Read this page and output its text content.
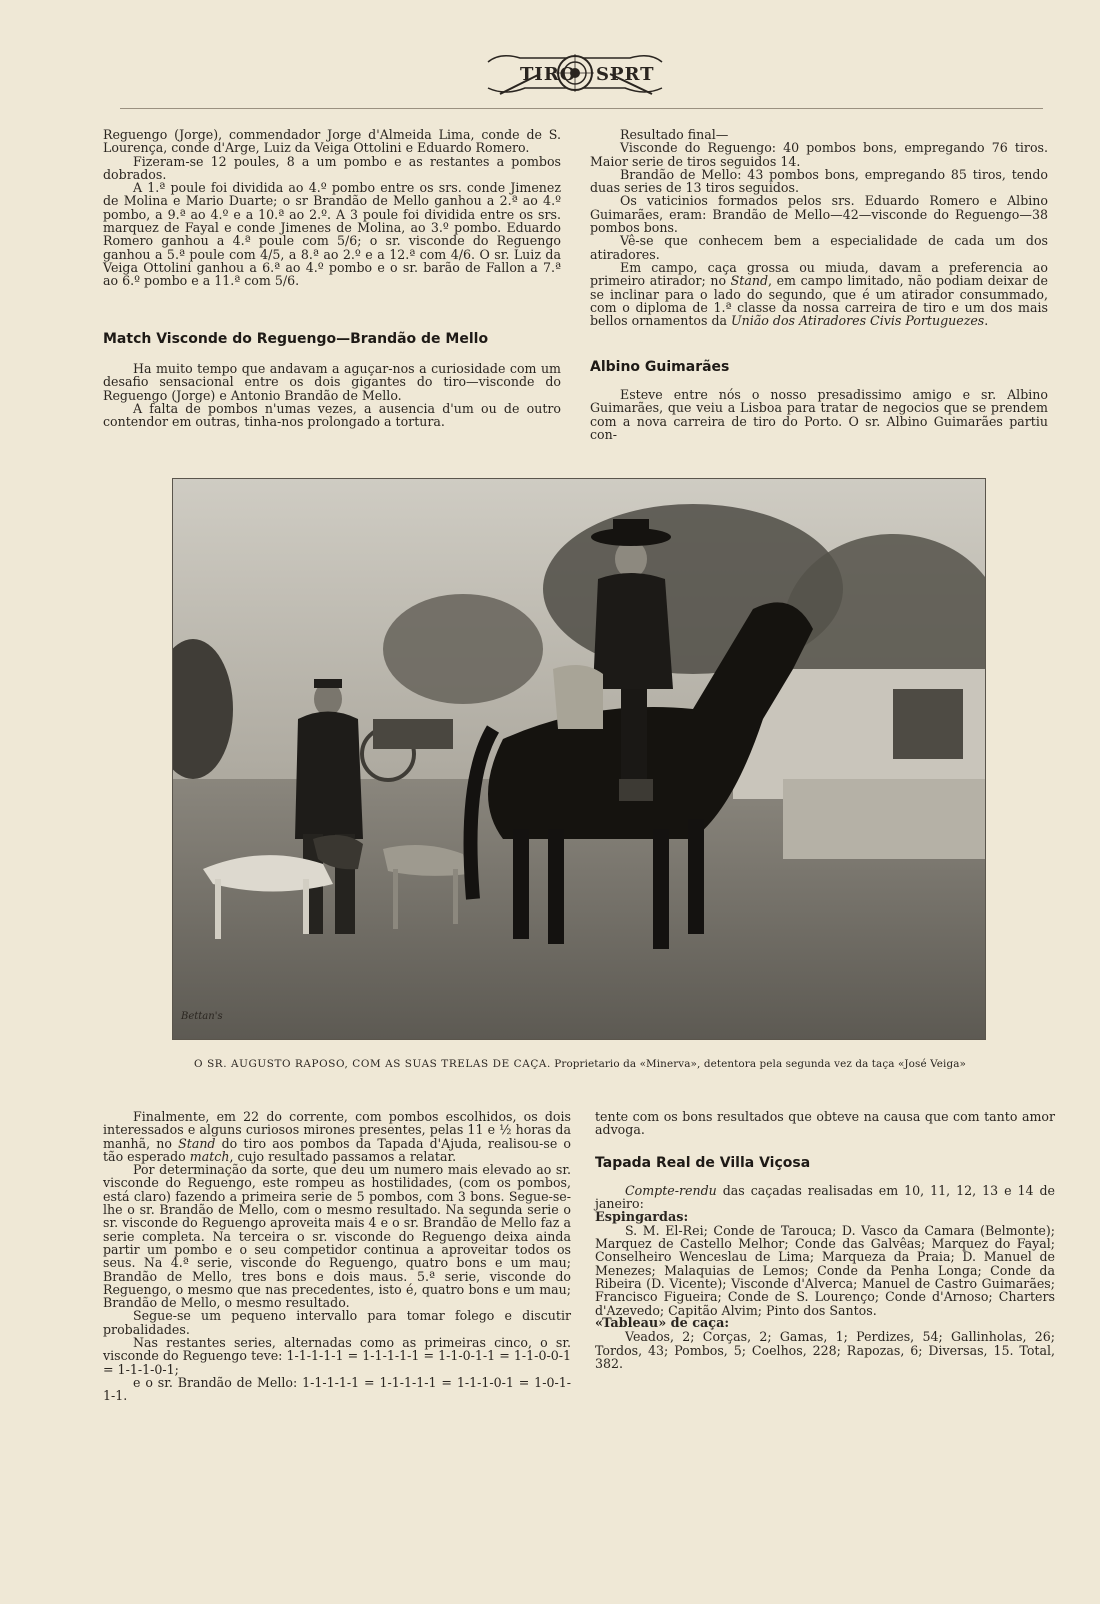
TIRO SPRT

Reguengo (Jorge), commendador Jorge d'Almeida Lima, conde de S. Lourença, conde d'Arge, Luiz da Veiga Ottolini e Eduardo Romero.

Fizeram-se 12 poules, 8 a um pombo e as restantes a pombos dobrados.

A 1.ª poule foi dividida ao 4.º pombo entre os srs. conde Jimenez de Molina e Mario Duarte; o sr Brandão de Mello ganhou a 2.ª ao 4.º pombo, a 9.ª ao 4.º e a 10.ª ao 2.º. A 3 poule foi dividida entre os srs. marquez de Fayal e conde Jimenes de Molina, ao 3.º pombo. Eduardo Romero ganhou a 4.ª poule com 5/6; o sr. visconde do Reguengo ganhou a 5.ª poule com 4/5, a 8.ª ao 2.º e a 12.ª com 4/6. O sr. Luiz da Veiga Ottolini ganhou a 6.ª ao 4.º pombo e o sr. barão de Fallon a 7.ª ao 6.º pombo e a 11.ª com 5/6.

Match Visconde do Reguengo—Brandão de Mello

Ha muito tempo que andavam a aguçar-nos a curiosidade com um desafio sensacional entre os dois gigantes do tiro—visconde do Reguengo (Jorge) e Antonio Brandão de Mello.

A falta de pombos n'umas vezes, a ausencia d'um ou de outro contendor em outras, tinha-nos prolongado a tortura.

Resultado final—

Visconde do Reguengo: 40 pombos bons, empregando 76 tiros. Maior serie de tiros seguidos 14.

Brandão de Mello: 43 pombos bons, empregando 85 tiros, tendo duas series de 13 tiros seguidos.

Os vaticinios formados pelos srs. Eduardo Romero e Albino Guimarães, eram: Brandão de Mello—42—visconde do Reguengo—38 pombos bons.

Vê-se que conhecem bem a especialidade de cada um dos atiradores.

Em campo, caça grossa ou miuda, davam a preferencia ao primeiro atirador; no Stand, em campo limitado, não podiam deixar de se inclinar para o lado do segundo, que é um atirador consummado, com o diploma de 1.ª classe da nossa carreira de tiro e um dos mais bellos ornamentos da União dos Atiradores Civis Portuguezes.

Albino Guimarães

Esteve entre nós o nosso presadissimo amigo e sr. Albino Guimarães, que veiu a Lisboa para tratar de negocios que se prendem com a nova carreira de tiro do Porto. O sr. Albino Guimarães partiu con-

Bettan's
O SR. AUGUSTO RAPOSO, COM AS SUAS TRELAS DE CAÇA. Proprietario da «Minerva», detentora pela segunda vez da taça «José Veiga»

Finalmente, em 22 do corrente, com pombos escolhidos, os dois interessados e alguns curiosos mirones presentes, pelas 11 e ½ horas da manhã, no Stand do tiro aos pombos da Tapada d'Ajuda, realisou-se o tão esperado match, cujo resultado passamos a relatar.

Por determinação da sorte, que deu um numero mais elevado ao sr. visconde do Reguengo, este rompeu as hostilidades, (com os pombos, está claro) fazendo a primeira serie de 5 pombos, com 3 bons. Segue-se-lhe o sr. Brandão de Mello, com o mesmo resultado. Na segunda serie o sr. visconde do Reguengo aproveita mais 4 e o sr. Brandão de Mello faz a serie completa. Na terceira o sr. visconde do Reguengo deixa ainda partir um pombo e o seu competidor continua a aproveitar todos os seus. Na 4.ª serie, visconde do Reguengo, quatro bons e um mau; Brandão de Mello, tres bons e dois maus. 5.ª serie, visconde do Reguengo, o mesmo que nas precedentes, isto é, quatro bons e um mau; Brandão de Mello, o mesmo resultado.

Segue-se um pequeno intervallo para tomar folego e discutir probalidades.

Nas restantes series, alternadas como as primeiras cinco, o sr. visconde do Reguengo teve: 1-1-1-1-1 = 1-1-1-1-1 = 1-1-0-1-1 = 1-1-0-0-1 = 1-1-1-0-1;

e o sr. Brandão de Mello: 1-1-1-1-1 = 1-1-1-1-1 = 1-1-1-0-1 = 1-0-1-1-1.

tente com os bons resultados que obteve na causa que com tanto amor advoga.

Tapada Real de Villa Viçosa

Compte-rendu das caçadas realisadas em 10, 11, 12, 13 e 14 de janeiro:

Espingardas:

S. M. El-Rei; Conde de Tarouca; D. Vasco da Camara (Belmonte); Marquez de Castello Melhor; Conde das Galvêas; Marquez do Fayal; Conselheiro Wenceslau de Lima; Marqueza da Praia; D. Manuel de Menezes; Malaquias de Lemos; Conde da Penha Longa; Conde da Ribeira (D. Vicente); Visconde d'Alverca; Manuel de Castro Guimarães; Francisco Figueira; Conde de S. Lourenço; Conde d'Arnoso; Charters d'Azevedo; Capitão Alvim; Pinto dos Santos.

«Tableau» de caça:

Veados, 2; Corças, 2; Gamas, 1; Perdizes, 54; Gallinholas, 26; Tordos, 43; Pombos, 5; Coelhos, 228; Rapozas, 6; Diversas, 15. Total, 382.
